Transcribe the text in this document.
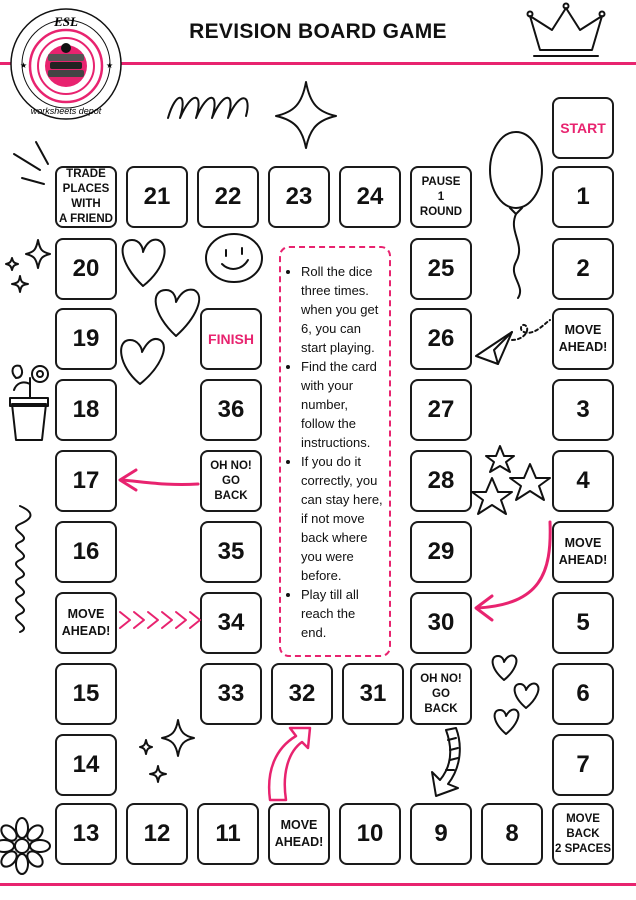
REVISION BOARD GAME
ESL
worksheets depot
★	★
START
1
2
MOVE
AHEAD!
3
4
MOVE
AHEAD!
5
6
7
MOVE
BACK
2 SPACES
8
9
10
MOVE
AHEAD!
11
12
13
14
15
MOVE
AHEAD!
16
17
18
19
20
TRADE
PLACES
WITH
A FRIEND
21 22 23 24
PAUSE
1
ROUND
25
26
27
28
29
30
OH NO!
GO
BACK
31
32
33
34
35
OH NO!
GO
BACK
36
FINISH
• Roll the dice three times. when you get 6, you can start playing.
• Find the card with your number, follow the instructions.
• If you do it correctly, you can stay here, if not move back where you were before.
• Play till all reach the end.
